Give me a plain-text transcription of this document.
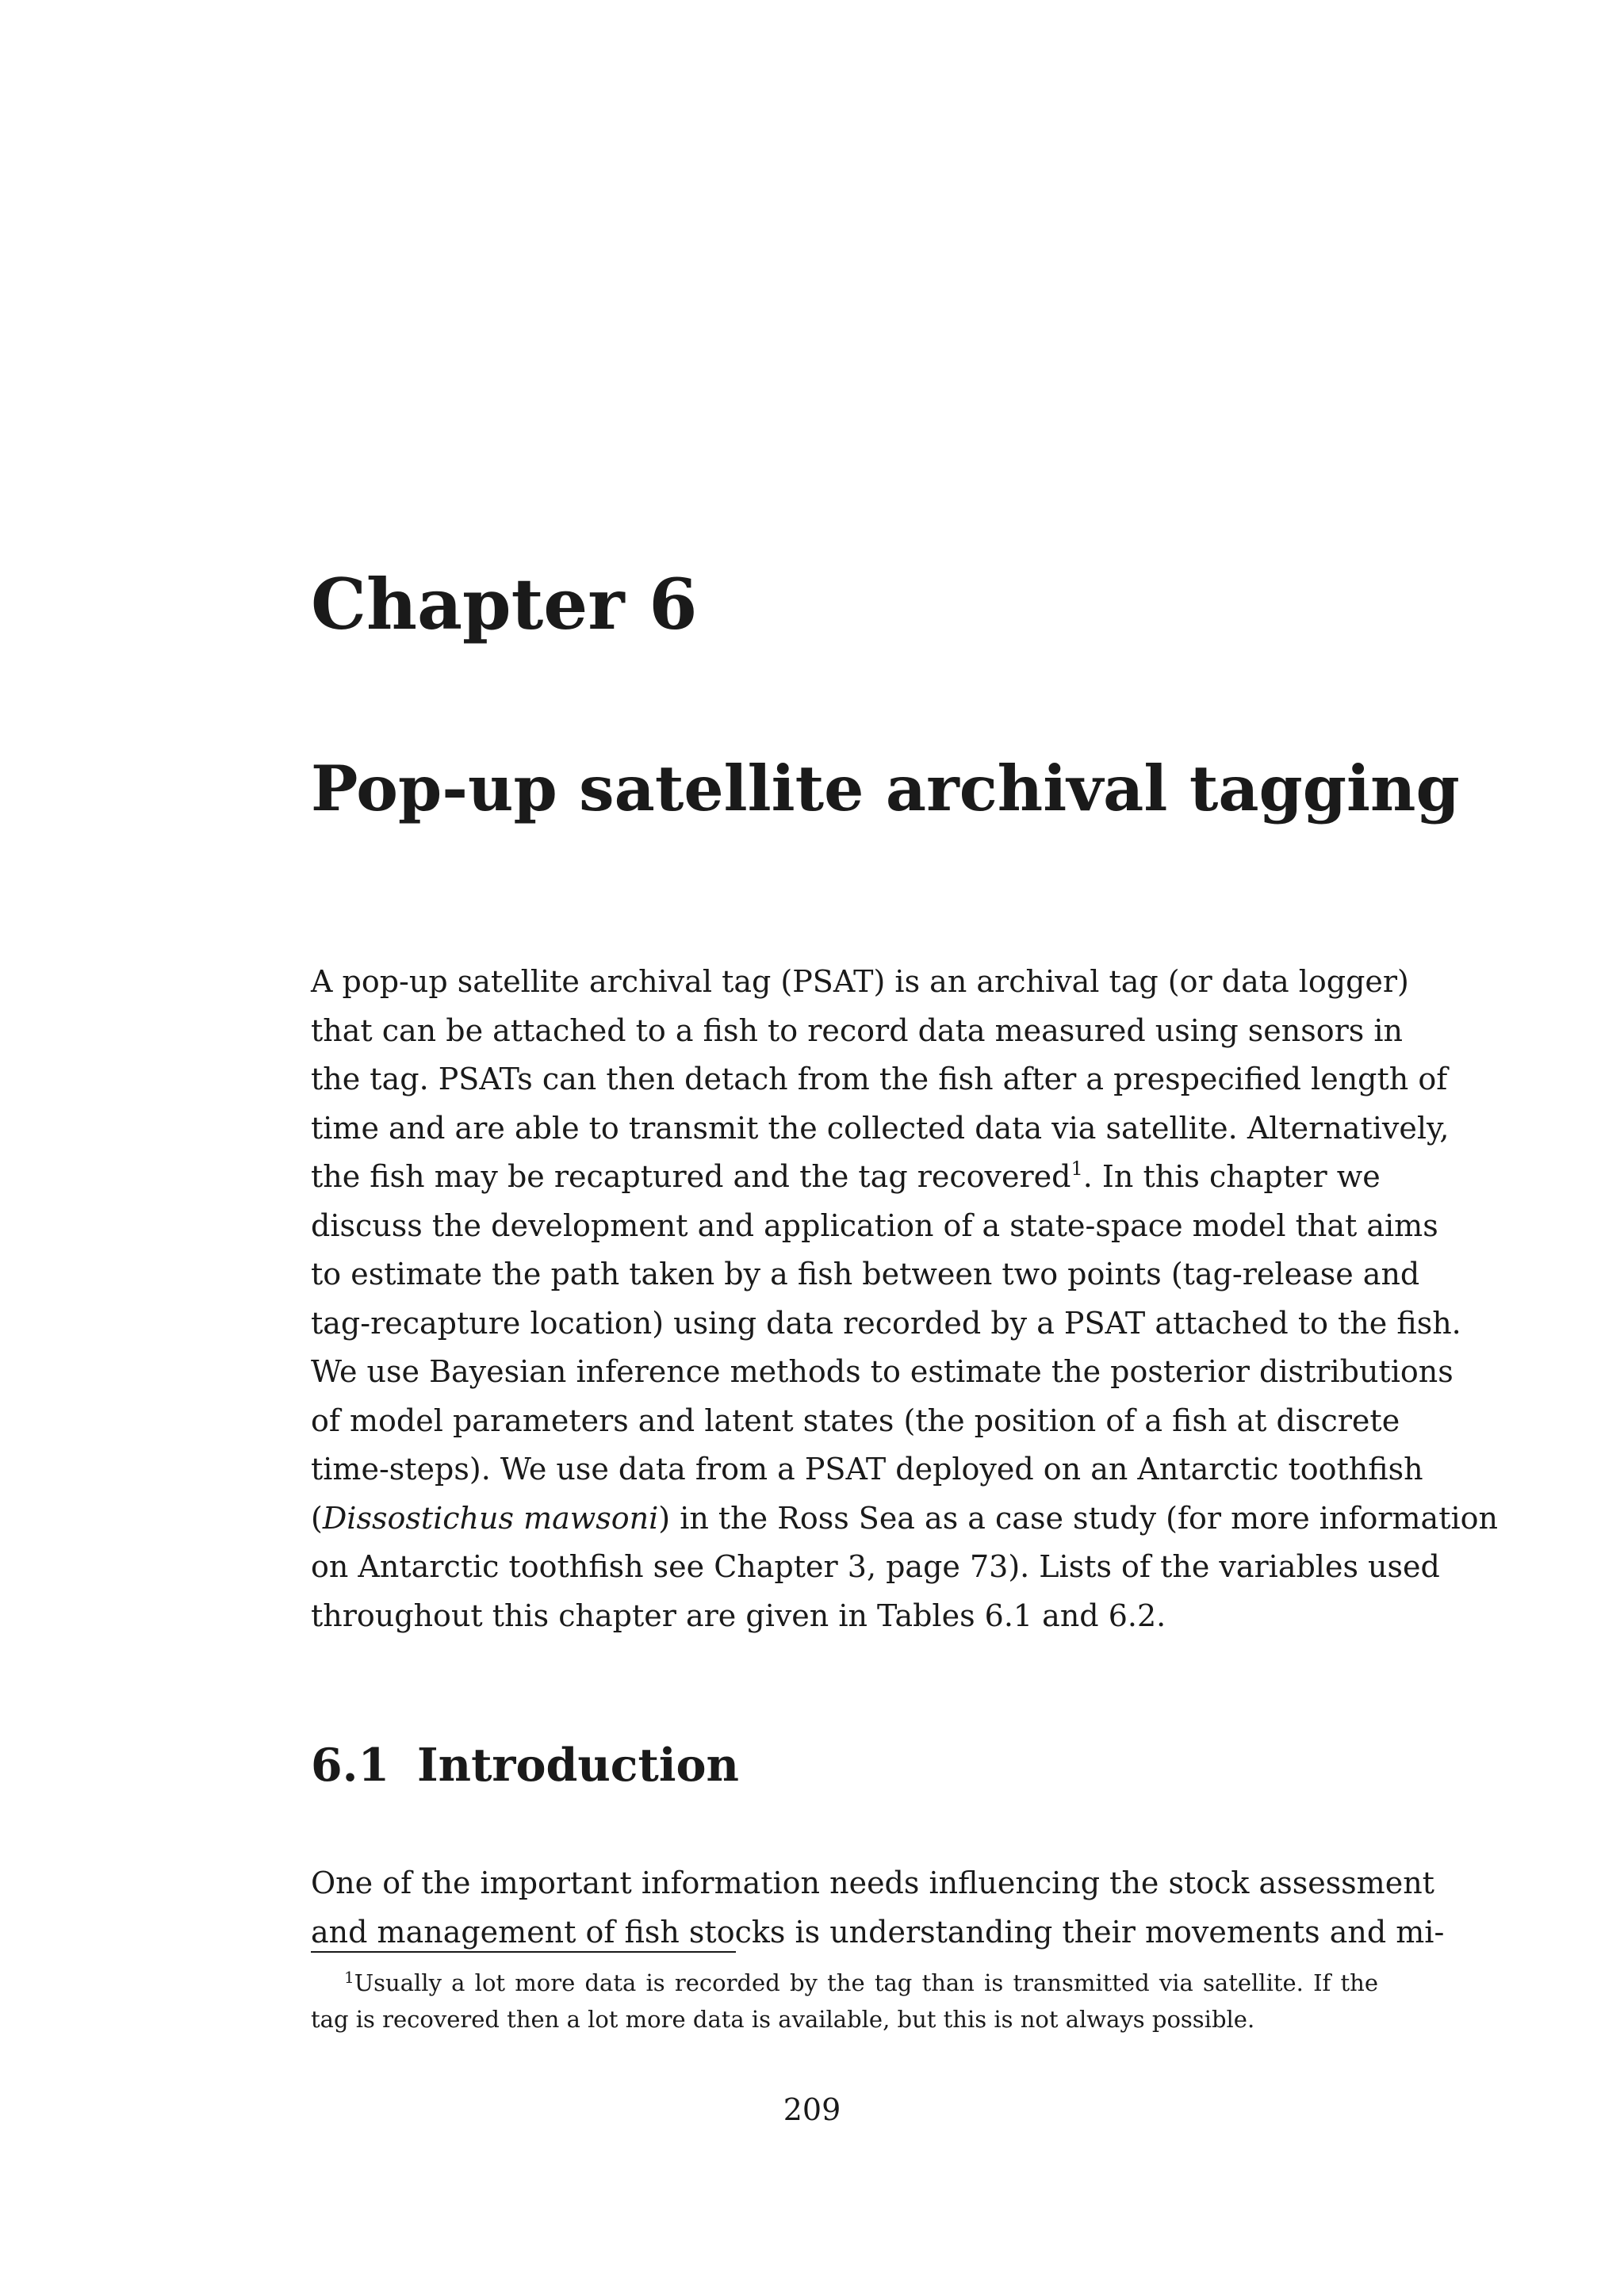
Chapter 6
Pop-up satellite archival tagging
A pop-up satellite archival tag (PSAT) is an archival tag (or data logger)
that can be attached to a fish to record data measured using sensors in
the tag. PSATs can then detach from the fish after a prespecified length of
time and are able to transmit the collected data via satellite. Alternatively,
the fish may be recaptured and the tag recovered$^1$. In this chapter we
discuss the development and application of a state-space model that aims
to estimate the path taken by a fish between two points (tag-release and
tag-recapture location) using data recorded by a PSAT attached to the fish.
We use Bayesian inference methods to estimate the posterior distributions
of model parameters and latent states (the position of a fish at discrete
time-steps). We use data from a PSAT deployed on an Antarctic toothfish
(Dissostichus mawsoni) in the Ross Sea as a case study (for more information
on Antarctic toothfish see Chapter 3, page 73). Lists of the variables used
throughout this chapter are given in Tables 6.1 and 6.2.
6.1 Introduction
One of the important information needs influencing the stock assessment
and management of fish stocks is understanding their movements and mi-
$^1$Usually a lot more data is recorded by the tag than is transmitted via satellite. If the
tag is recovered then a lot more data is available, but this is not always possible.
209
